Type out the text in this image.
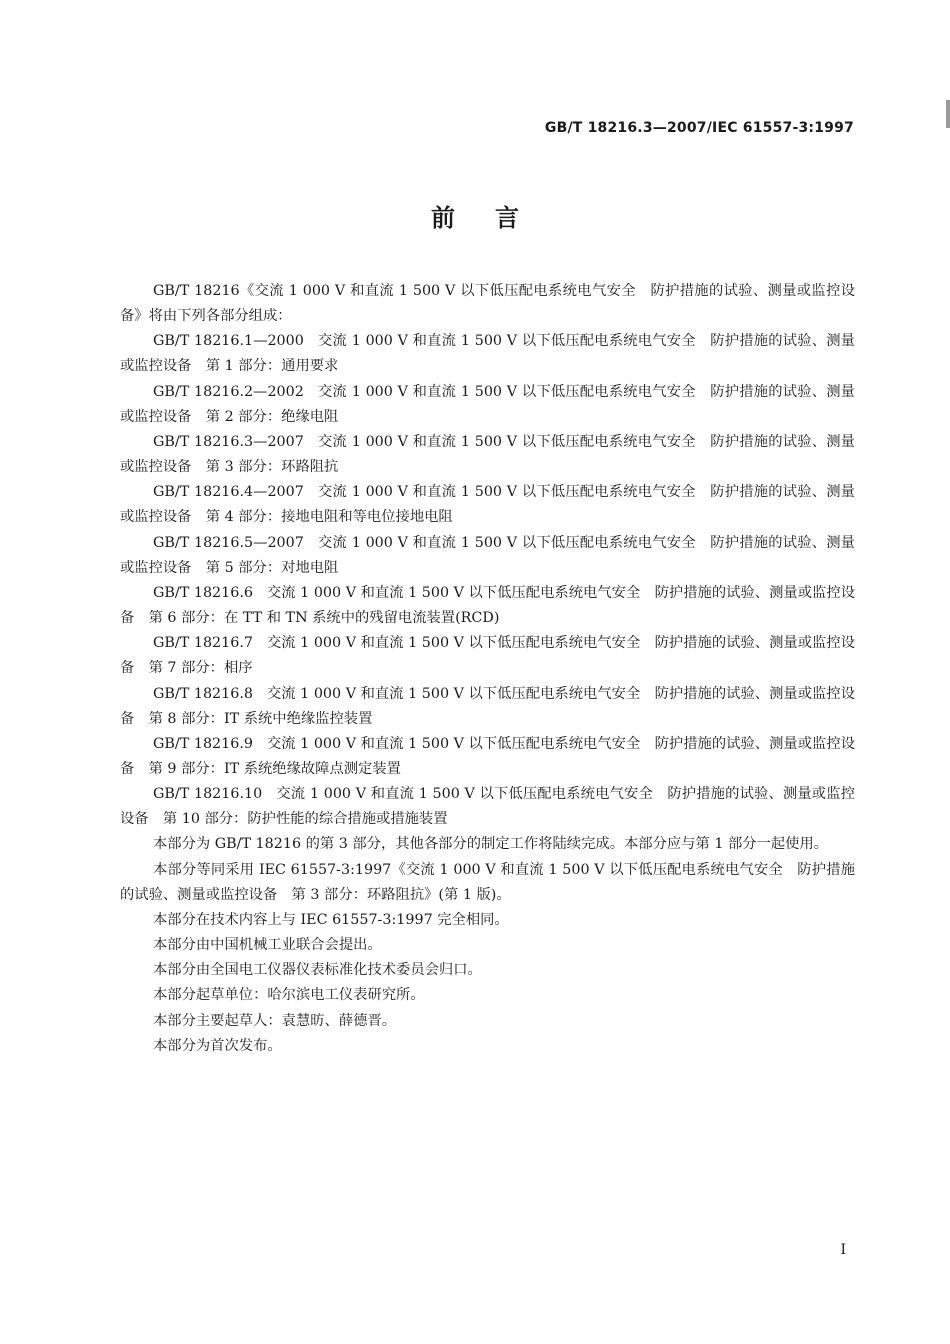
GB/T 18216.3—2007/IEC 61557-3:1997
前言

GB/T 18216《交流 1 000 V 和直流 1 500 V 以下低压配电系统电气安全　防护措施的试验、测量或监控设备》将由下列各部分组成：

GB/T 18216.1—2000 交流 1 000 V 和直流 1 500 V 以下低压配电系统电气安全　防护措施的试验、测量或监控设备　第 1 部分：通用要求

GB/T 18216.2—2002 交流 1 000 V 和直流 1 500 V 以下低压配电系统电气安全　防护措施的试验、测量或监控设备　第 2 部分：绝缘电阻

GB/T 18216.3—2007 交流 1 000 V 和直流 1 500 V 以下低压配电系统电气安全　防护措施的试验、测量或监控设备　第 3 部分：环路阻抗

GB/T 18216.4—2007 交流 1 000 V 和直流 1 500 V 以下低压配电系统电气安全　防护措施的试验、测量或监控设备　第 4 部分：接地电阻和等电位接地电阻

GB/T 18216.5—2007 交流 1 000 V 和直流 1 500 V 以下低压配电系统电气安全　防护措施的试验、测量或监控设备　第 5 部分：对地电阻

GB/T 18216.6 交流 1 000 V 和直流 1 500 V 以下低压配电系统电气安全　防护措施的试验、测量或监控设备　第 6 部分：在 TT 和 TN 系统中的残留电流装置(RCD)

GB/T 18216.7 交流 1 000 V 和直流 1 500 V 以下低压配电系统电气安全　防护措施的试验、测量或监控设备　第 7 部分：相序

GB/T 18216.8 交流 1 000 V 和直流 1 500 V 以下低压配电系统电气安全　防护措施的试验、测量或监控设备　第 8 部分：IT 系统中绝缘监控装置

GB/T 18216.9 交流 1 000 V 和直流 1 500 V 以下低压配电系统电气安全　防护措施的试验、测量或监控设备　第 9 部分：IT 系统绝缘故障点测定装置

GB/T 18216.10 交流 1 000 V 和直流 1 500 V 以下低压配电系统电气安全　防护措施的试验、测量或监控设备　第 10 部分：防护性能的综合措施或措施装置

本部分为 GB/T 18216 的第 3 部分，其他各部分的制定工作将陆续完成。本部分应与第 1 部分一起使用。

本部分等同采用 IEC 61557-3:1997《交流 1 000 V 和直流 1 500 V 以下低压配电系统电气安全　防护措施的试验、测量或监控设备　第 3 部分：环路阻抗》(第 1 版)。

本部分在技术内容上与 IEC 61557-3:1997 完全相同。

本部分由中国机械工业联合会提出。

本部分由全国电工仪器仪表标准化技术委员会归口。

本部分起草单位：哈尔滨电工仪表研究所。

本部分主要起草人：袁慧昉、薛德晋。

本部分为首次发布。

I
